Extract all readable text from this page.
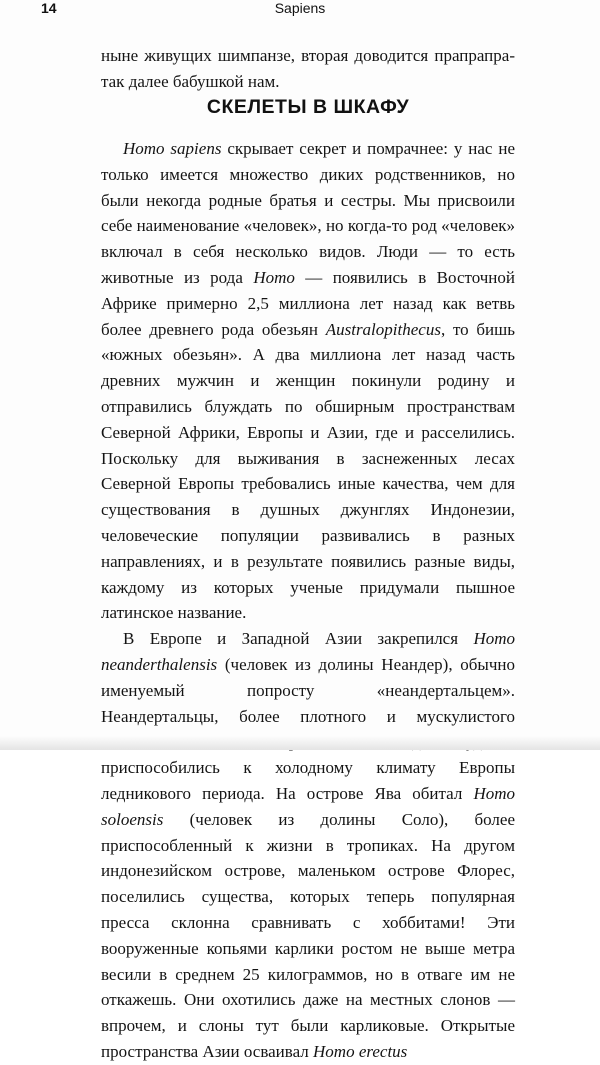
14	Sapiens

ныне живущих шимпанзе, вторая доводится прапрапра- так далее бабушкой нам.

СКЕЛЕТЫ В ШКАФУ

Homo sapiens скрывает секрет и помрачнее: у нас не только имеется множество диких родственников, но были некогда родные братья и сестры. Мы присвоили себе наименование «человек», но когда-то род «человек» включал в себя несколько видов. Люди — то есть животные из рода Homo — появились в Восточной Африке примерно 2,5 миллиона лет назад как ветвь более древнего рода обезьян Australopithecus, то бишь «южных обезьян». А два миллиона лет назад часть древних мужчин и женщин покинули родину и отправились блуждать по обширным пространствам Северной Африки, Европы и Азии, где и расселились. Поскольку для выживания в заснеженных лесах Северной Европы требовались иные качества, чем для существования в душных джунглях Индонезии, человеческие популяции развивались в разных направлениях, и в результате появились разные виды, каждому из которых ученые придумали пышное латинское название.

В Европе и Западной Азии закрепился Homo neanderthalensis (человек из долины Неандер), обычно именуемый попросту «неандертальцем». Неандертальцы, более плотного и мускулистого приспособились к холодному климату Европы ледникового периода. На острове Ява обитал Homo soloensis (человек из долины Соло), более приспособленный к жизни в тропиках. На другом индонезийском острове, маленьком острове Флорес, поселились существа, которых теперь популярная пресса склонна сравнивать с хоббитами! Эти вооруженные копьями карлики ростом не выше метра весили в среднем 25 килограммов, но в отваге им не откажешь. Они охотились даже на местных слонов — впрочем, и слоны тут были карликовые. Открытые пространства Азии осваивал Homo erectus
